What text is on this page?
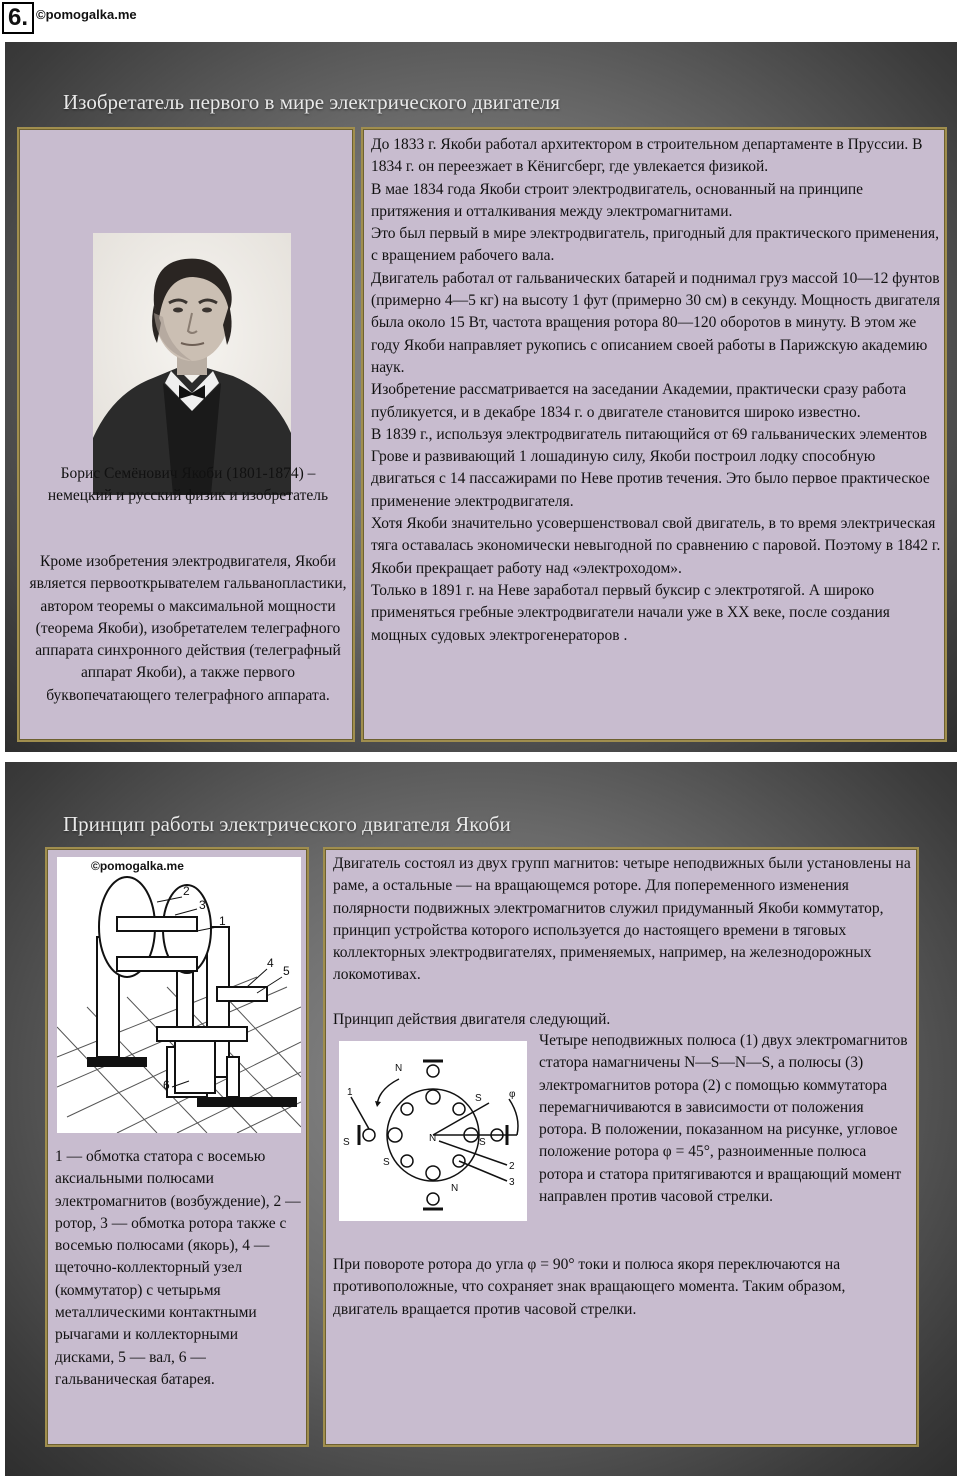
6. ©pomogalka.me
Изобретатель первого в мире электрического двигателя
Борис Семёнович Якоби (1801-1874) – немецкий и русский физик и изобретатель
Кроме изобретения электродвигателя, Якоби является первооткрывателем гальванопластики, автором теоремы о максимальной мощности (теорема Якоби), изобретателем телеграфного аппарата синхронного действия (телеграфный аппарат Якоби), а также первого буквопечатающего телеграфного аппарата.
До 1833 г. Якоби работал архитектором в строительном департаменте в Пруссии. В 1834 г. он переезжает в Кёнигсберг, где увлекается физикой.
В мае 1834 года Якоби строит электродвигатель, основанный на принципе притяжения и отталкивания между электромагнитами.
Это был первый в мире электродвигатель, пригодный для практического применения, с вращением рабочего вала.
Двигатель работал от гальванических батарей и поднимал груз массой 10—12 фунтов (примерно 4—5 кг) на высоту 1 фут (примерно 30 см) в секунду. Мощность двигателя была около 15 Вт, частота вращения ротора 80—120 оборотов в минуту. В этом же году Якоби направляет рукопись с описанием своей работы в Парижскую академию наук.
Изобретение рассматривается на заседании Академии, практически сразу работа публикуется, и в декабре 1834 г. о двигателе становится широко известно.
В 1839 г., используя электродвигатель питающийся от 69 гальванических элементов Грове и развивающий 1 лошадиную силу, Якоби построил лодку способную двигаться с 14 пассажирами по Неве против течения. Это было первое практическое применение электродвигателя.
Хотя Якоби значительно усовершенствовал свой двигатель, в то время электрическая тяга оставалась экономически невыгодной по сравнению с паровой. Поэтому в 1842 г. Якоби прекращает работу над «электроходом».
Только в 1891 г. на Неве заработал первый буксир с электротягой. А широко применяться гребные электродвигатели начали уже в XX веке, после создания мощных судовых электрогенераторов .
Принцип работы электрического двигателя Якоби
©pomogalka.me
2
3
1
4
5
6
1 — обмотка статора с восемью аксиальными полюсами электромагнитов (возбуждение), 2 — ротор, 3 — обмотка ротора также с восемью полюсами (якорь), 4 — щеточно-коллекторный узел (коммутатор) с четырьмя металлическими контактными рычагами и коллекторными дисками, 5 — вал, 6 — гальваническая батарея.
Двигатель состоял из двух групп магнитов: четыре неподвижных были установлены на раме, а остальные — на вращающемся роторе. Для попеременного изменения полярности подвижных электромагнитов служил придуманный Якоби коммутатор, принцип устройства которого используется до настоящего времени в тяговых коллекторных электродвигателях, применяемых, например, на железнодорожных локомотивах.
Принцип действия двигателя следующий.
N
S	N	S
N
S
S	φ
1
2
3
Четыре неподвижных полюса (1) двух электромагнитов статора намагничены N—S—N—S, а полюсы (3) электромагнитов ротора (2) с помощью коммутатора перемагничиваются в зависимости от положения ротора. В положении, показанном на рисунке, угловое положение ротора φ = 45°, разноименные полюса ротора и статора притягиваются и вращающий момент направлен против часовой стрелки.
При повороте ротора до угла φ = 90° токи и полюса якоря переключаются на противоположные, что сохраняет знак вращающего момента. Таким образом, двигатель вращается против часовой стрелки.
